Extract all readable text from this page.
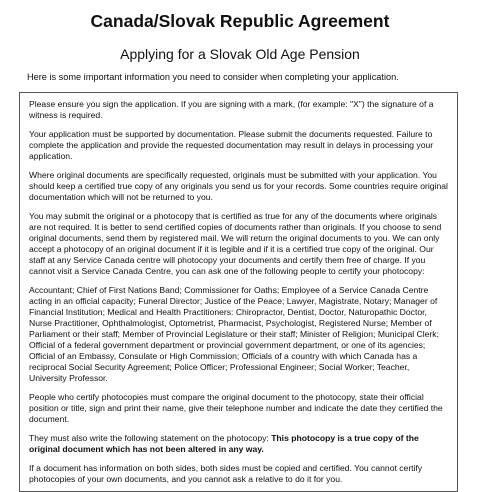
Canada/Slovak Republic Agreement
Applying for a Slovak Old Age Pension
Here is some important information you need to consider when completing your application.

Please ensure you sign the application. If you are signing with a mark, (for example: "X") the signature of a witness is required.

Your application must be supported by documentation. Please submit the documents requested. Failure to complete the application and provide the requested documentation may result in delays in processing your application.

Where original documents are specifically requested, originals must be submitted with your application. You should keep a certified true copy of any originals you send us for your records. Some countries require original documentation which will not be returned to you.

You may submit the original or a photocopy that is certified as true for any of the documents where originals are not required. It is better to send certified copies of documents rather than originals. If you choose to send original documents, send them by registered mail. We will return the original documents to you. We can only accept a photocopy of an original document if it is legible and if it is a certified true copy of the original. Our staff at any Service Canada centre will photocopy your documents and certify them free of charge. If you cannot visit a Service Canada Centre, you can ask one of the following people to certify your photocopy:

Accountant; Chief of First Nations Band; Commissioner for Oaths; Employee of a Service Canada Centre acting in an official capacity; Funeral Director; Justice of the Peace; Lawyer, Magistrate, Notary; Manager of Financial Institution; Medical and Health Practitioners: Chiropractor, Dentist, Doctor, Naturopathic Doctor, Nurse Practitioner, Ophthalmologist, Optometrist, Pharmacist, Psychologist, Registered Nurse; Member of Parliament or their staff; Member of Provincial Legislature or their staff; Minister of Religion; Municipal Clerk; Official of a federal government department or provincial government department, or one of its agencies; Official of an Embassy, Consulate or High Commission; Officials of a country with which Canada has a reciprocal Social Security Agreement; Police Officer; Professional Engineer; Social Worker; Teacher, University Professor.

People who certify photocopies must compare the original document to the photocopy, state their official position or title, sign and print their name, give their telephone number and indicate the date they certified the document.

They must also write the following statement on the photocopy: This photocopy is a true copy of the original document which has not been altered in any way.

If a document has information on both sides, both sides must be copied and certified. You cannot certify photocopies of your own documents, and you cannot ask a relative to do it for you.
